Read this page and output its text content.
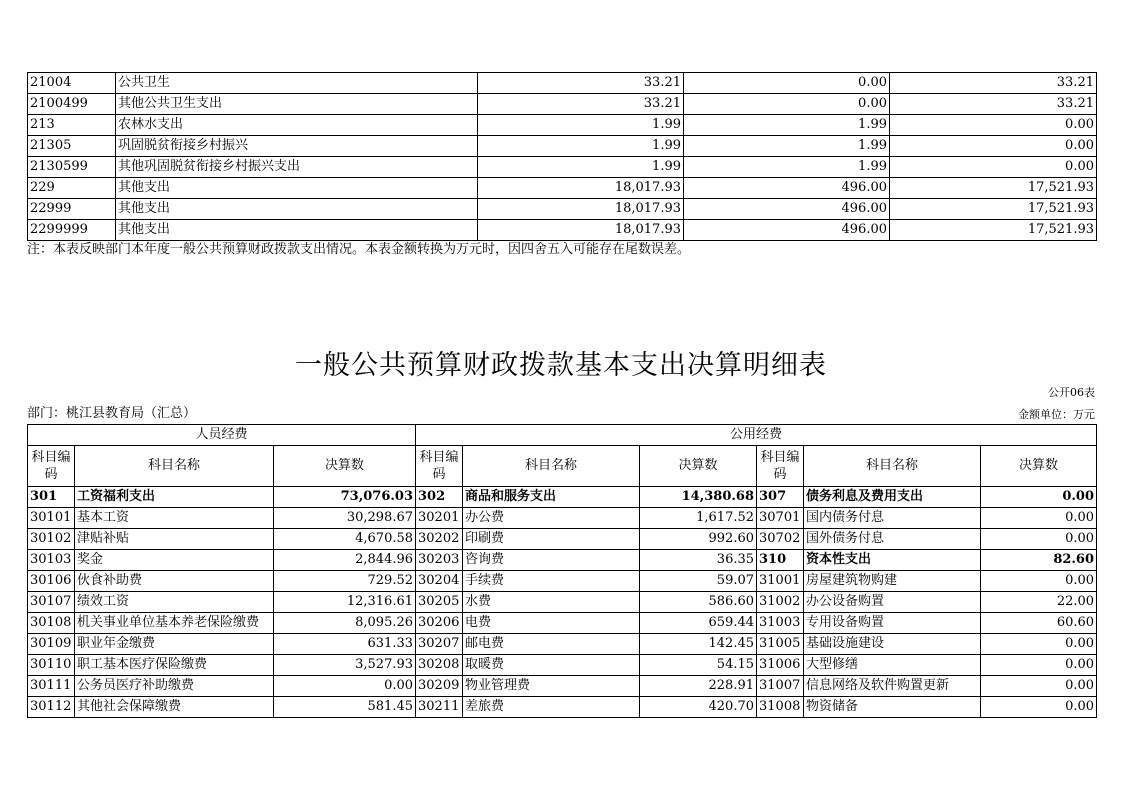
21004	公共卫生	33.21	0.00	33.21
2100499	其他公共卫生支出	33.21	0.00	33.21
213	农林水支出	1.99	1.99	0.00
21305	巩固脱贫衔接乡村振兴	1.99	1.99	0.00
2130599	其他巩固脱贫衔接乡村振兴支出	1.99	1.99	0.00
229	其他支出	18,017.93	496.00	17,521.93
22999	其他支出	18,017.93	496.00	17,521.93
2299999	其他支出	18,017.93	496.00	17,521.93
注：本表反映部门本年度一般公共预算财政拨款支出情况。本表金额转换为万元时，因四舍五入可能存在尾数误差。
一般公共预算财政拨款基本支出决算明细表
公开06表
部门：桃江县教育局（汇总）	金额单位：万元
人员经费			公用经费					
科目编码	科目名称	决算数	科目编码	科目名称	决算数	科目编码	科目名称	决算数
301	工资福利支出	73,076.03	302	商品和服务支出	14,380.68	307	债务利息及费用支出	0.00
30101	基本工资	30,298.67	30201	办公费	1,617.52	30701	国内债务付息	0.00
30102	津贴补贴	4,670.58	30202	印刷费	992.60	30702	国外债务付息	0.00
30103	奖金	2,844.96	30203	咨询费	36.35	310	资本性支出	82.60
30106	伙食补助费	729.52	30204	手续费	59.07	31001	房屋建筑物购建	0.00
30107	绩效工资	12,316.61	30205	水费	586.60	31002	办公设备购置	22.00
30108	机关事业单位基本养老保险缴费	8,095.26	30206	电费	659.44	31003	专用设备购置	60.60
30109	职业年金缴费	631.33	30207	邮电费	142.45	31005	基础设施建设	0.00
30110	职工基本医疗保险缴费	3,527.93	30208	取暖费	54.15	31006	大型修缮	0.00
30111	公务员医疗补助缴费	0.00	30209	物业管理费	228.91	31007	信息网络及软件购置更新	0.00
30112	其他社会保障缴费	581.45	30211	差旅费	420.70	31008	物资储备	0.00
